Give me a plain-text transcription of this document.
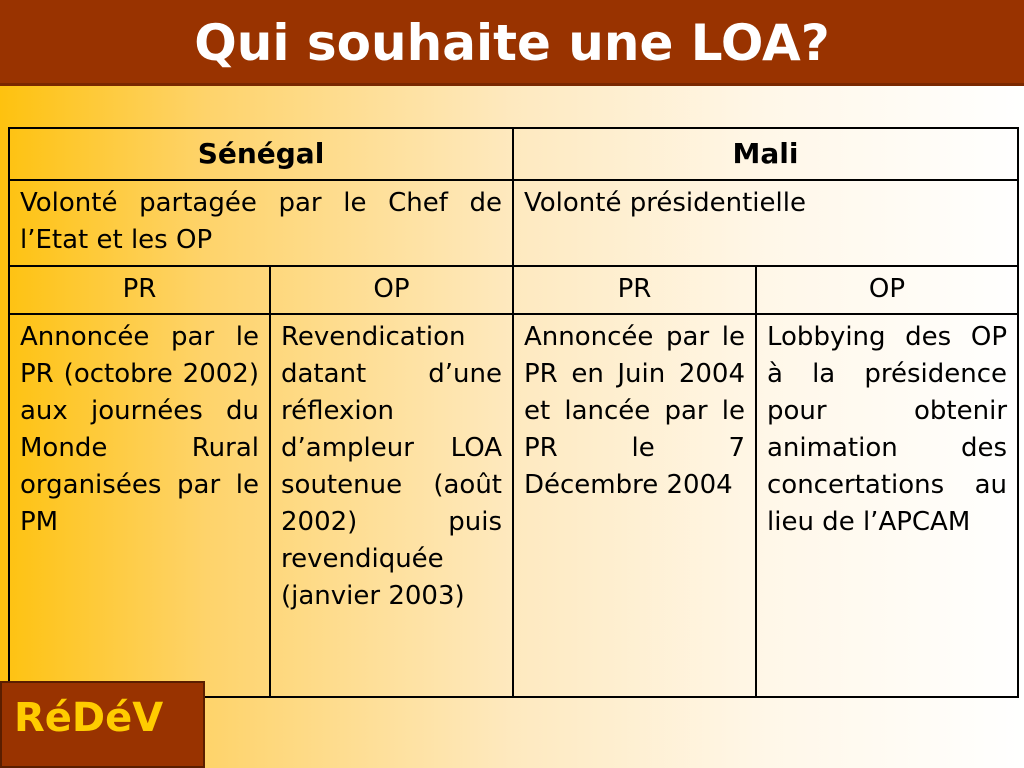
Qui souhaite une LOA?
Sénégal		Mali	
Volonté partagée par le Chef de l’Etat et les OP		Volonté présidentielle	
PR	OP	PR	OP
Annoncée par le PR (octobre 2002) aux journées du Monde Rural organisées par le PM	Revendication datant d’une réflexion d’ampleur LOA soutenue (août 2002) puis revendiquée (janvier 2003)	Annoncée par le PR en Juin 2004 et lancée par le PR le 7 Décembre 2004	Lobbying des OP à la présidence pour obtenir animation des concertations au lieu de l’APCAM
RéDéV
